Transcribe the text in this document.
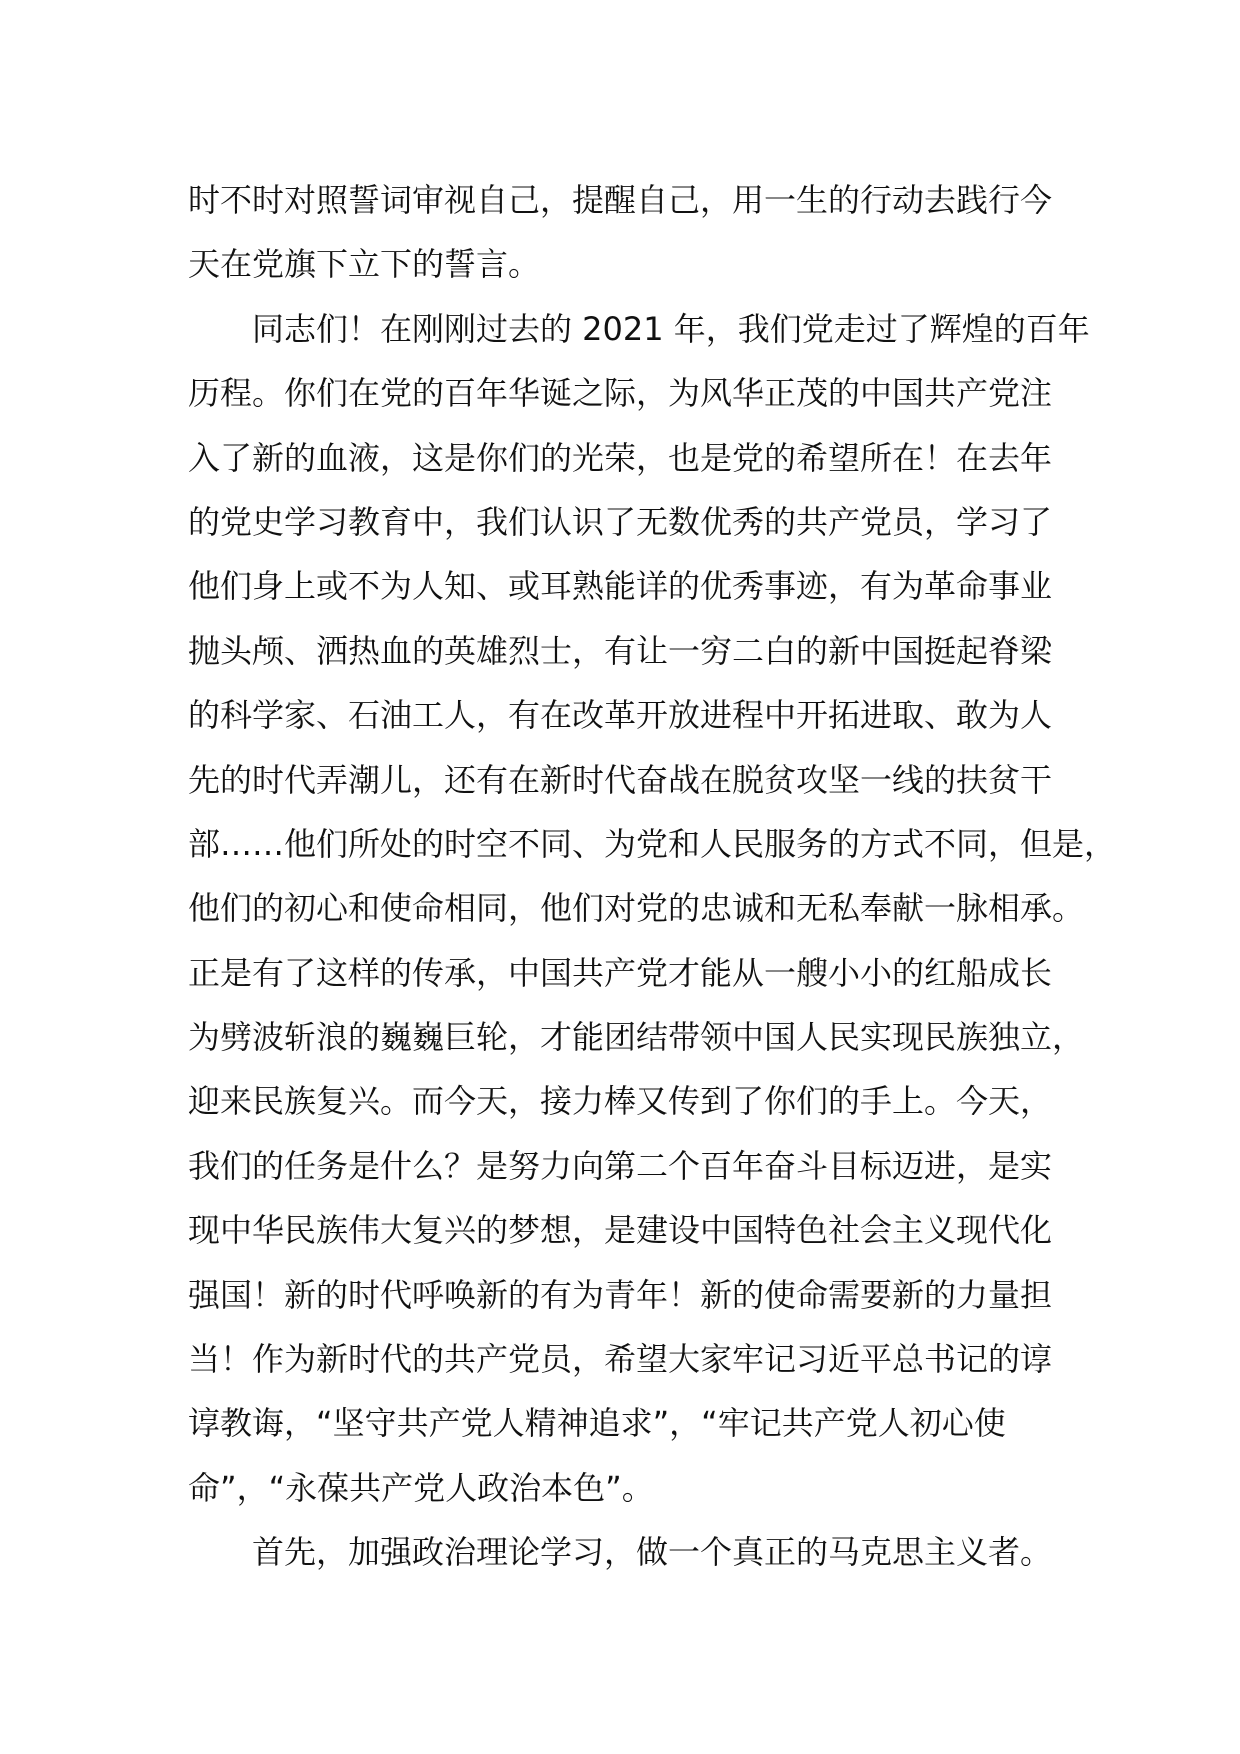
时不时对照誓词审视自己，提醒自己，用一生的行动去践行今
天在党旗下立下的誓言。
同志们！在刚刚过去的 2021 年，我们党走过了辉煌的百年
历程。你们在党的百年华诞之际，为风华正茂的中国共产党注
入了新的血液，这是你们的光荣，也是党的希望所在！在去年
的党史学习教育中，我们认识了无数优秀的共产党员，学习了
他们身上或不为人知、或耳熟能详的优秀事迹，有为革命事业
抛头颅、洒热血的英雄烈士，有让一穷二白的新中国挺起脊梁
的科学家、石油工人，有在改革开放进程中开拓进取、敢为人
先的时代弄潮儿，还有在新时代奋战在脱贫攻坚一线的扶贫干
部……他们所处的时空不同、为党和人民服务的方式不同，但是，
他们的初心和使命相同，他们对党的忠诚和无私奉献一脉相承。
正是有了这样的传承，中国共产党才能从一艘小小的红船成长
为劈波斩浪的巍巍巨轮，才能团结带领中国人民实现民族独立，
迎来民族复兴。而今天，接力棒又传到了你们的手上。今天，
我们的任务是什么？是努力向第二个百年奋斗目标迈进，是实
现中华民族伟大复兴的梦想，是建设中国特色社会主义现代化
强国！新的时代呼唤新的有为青年！新的使命需要新的力量担
当！作为新时代的共产党员，希望大家牢记习近平总书记的谆
谆教诲，“坚守共产党人精神追求”，“牢记共产党人初心使
命”，“永葆共产党人政治本色”。
首先，加强政治理论学习，做一个真正的马克思主义者。
